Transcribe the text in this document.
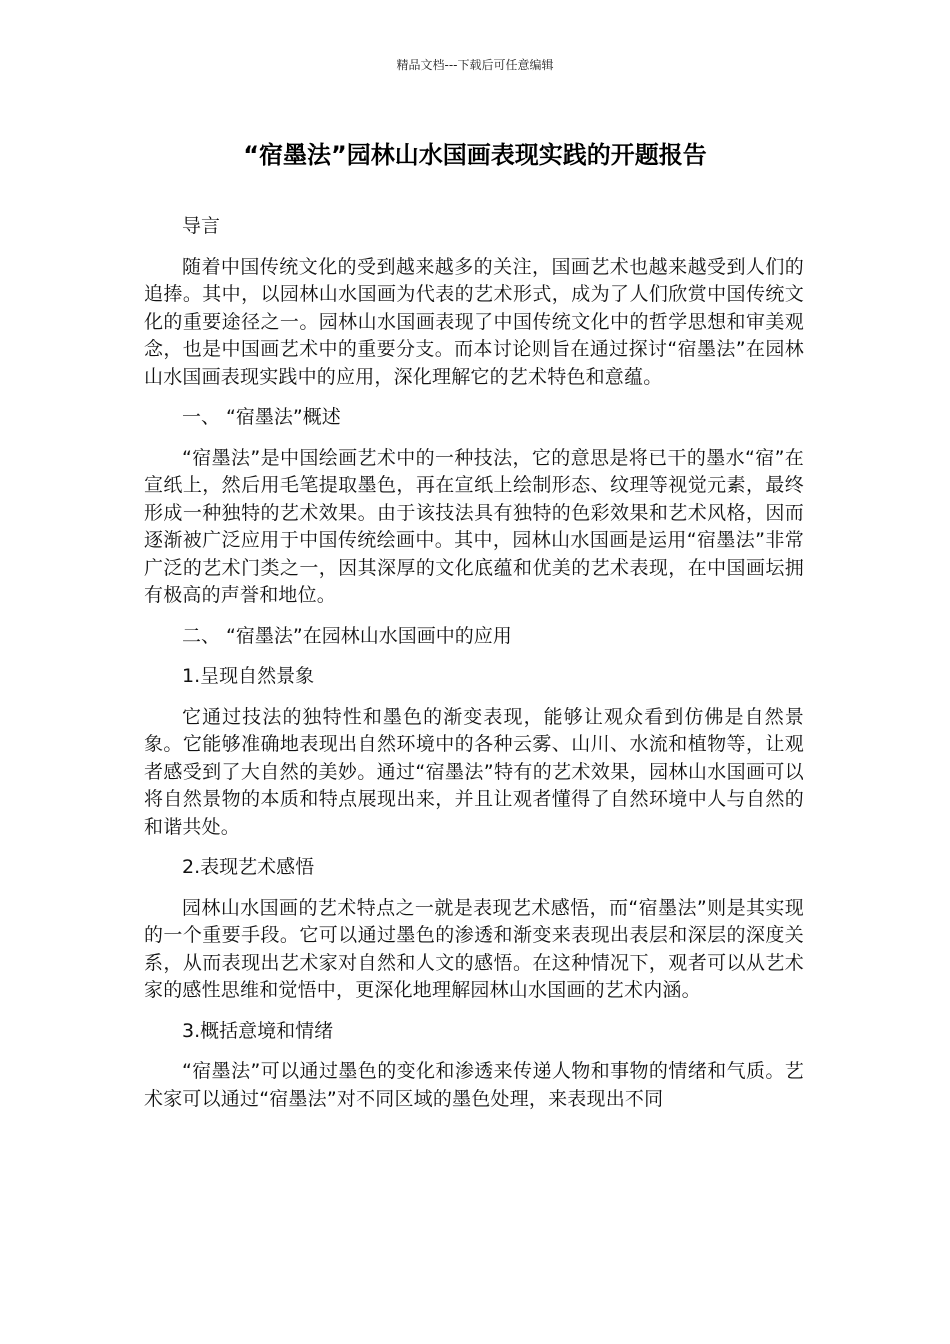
精品文档---下载后可任意编辑
“宿墨法”园林山水国画表现实践的开题报告

导言

随着中国传统文化的受到越来越多的关注，国画艺术也越来越受到人们的追捧。其中，以园林山水国画为代表的艺术形式，成为了人们欣赏中国传统文化的重要途径之一。园林山水国画表现了中国传统文化中的哲学思想和审美观念，也是中国画艺术中的重要分支。而本讨论则旨在通过探讨“宿墨法”在园林山水国画表现实践中的应用，深化理解它的艺术特色和意蕴。

一、 “宿墨法”概述

“宿墨法”是中国绘画艺术中的一种技法，它的意思是将已干的墨水“宿”在宣纸上，然后用毛笔提取墨色，再在宣纸上绘制形态、纹理等视觉元素，最终形成一种独特的艺术效果。由于该技法具有独特的色彩效果和艺术风格，因而逐渐被广泛应用于中国传统绘画中。其中，园林山水国画是运用“宿墨法”非常广泛的艺术门类之一，因其深厚的文化底蕴和优美的艺术表现，在中国画坛拥有极高的声誉和地位。

二、 “宿墨法”在园林山水国画中的应用

1.呈现自然景象

它通过技法的独特性和墨色的渐变表现，能够让观众看到仿佛是自然景象。它能够准确地表现出自然环境中的各种云雾、山川、水流和植物等，让观者感受到了大自然的美妙。通过“宿墨法”特有的艺术效果，园林山水国画可以将自然景物的本质和特点展现出来，并且让观者懂得了自然环境中人与自然的和谐共处。

2.表现艺术感悟

园林山水国画的艺术特点之一就是表现艺术感悟，而“宿墨法”则是其实现的一个重要手段。它可以通过墨色的渗透和渐变来表现出表层和深层的深度关系，从而表现出艺术家对自然和人文的感悟。在这种情况下，观者可以从艺术家的感性思维和觉悟中，更深化地理解园林山水国画的艺术内涵。

3.概括意境和情绪

“宿墨法”可以通过墨色的变化和渗透来传递人物和事物的情绪和气质。艺术家可以通过“宿墨法”对不同区域的墨色处理，来表现出不同
